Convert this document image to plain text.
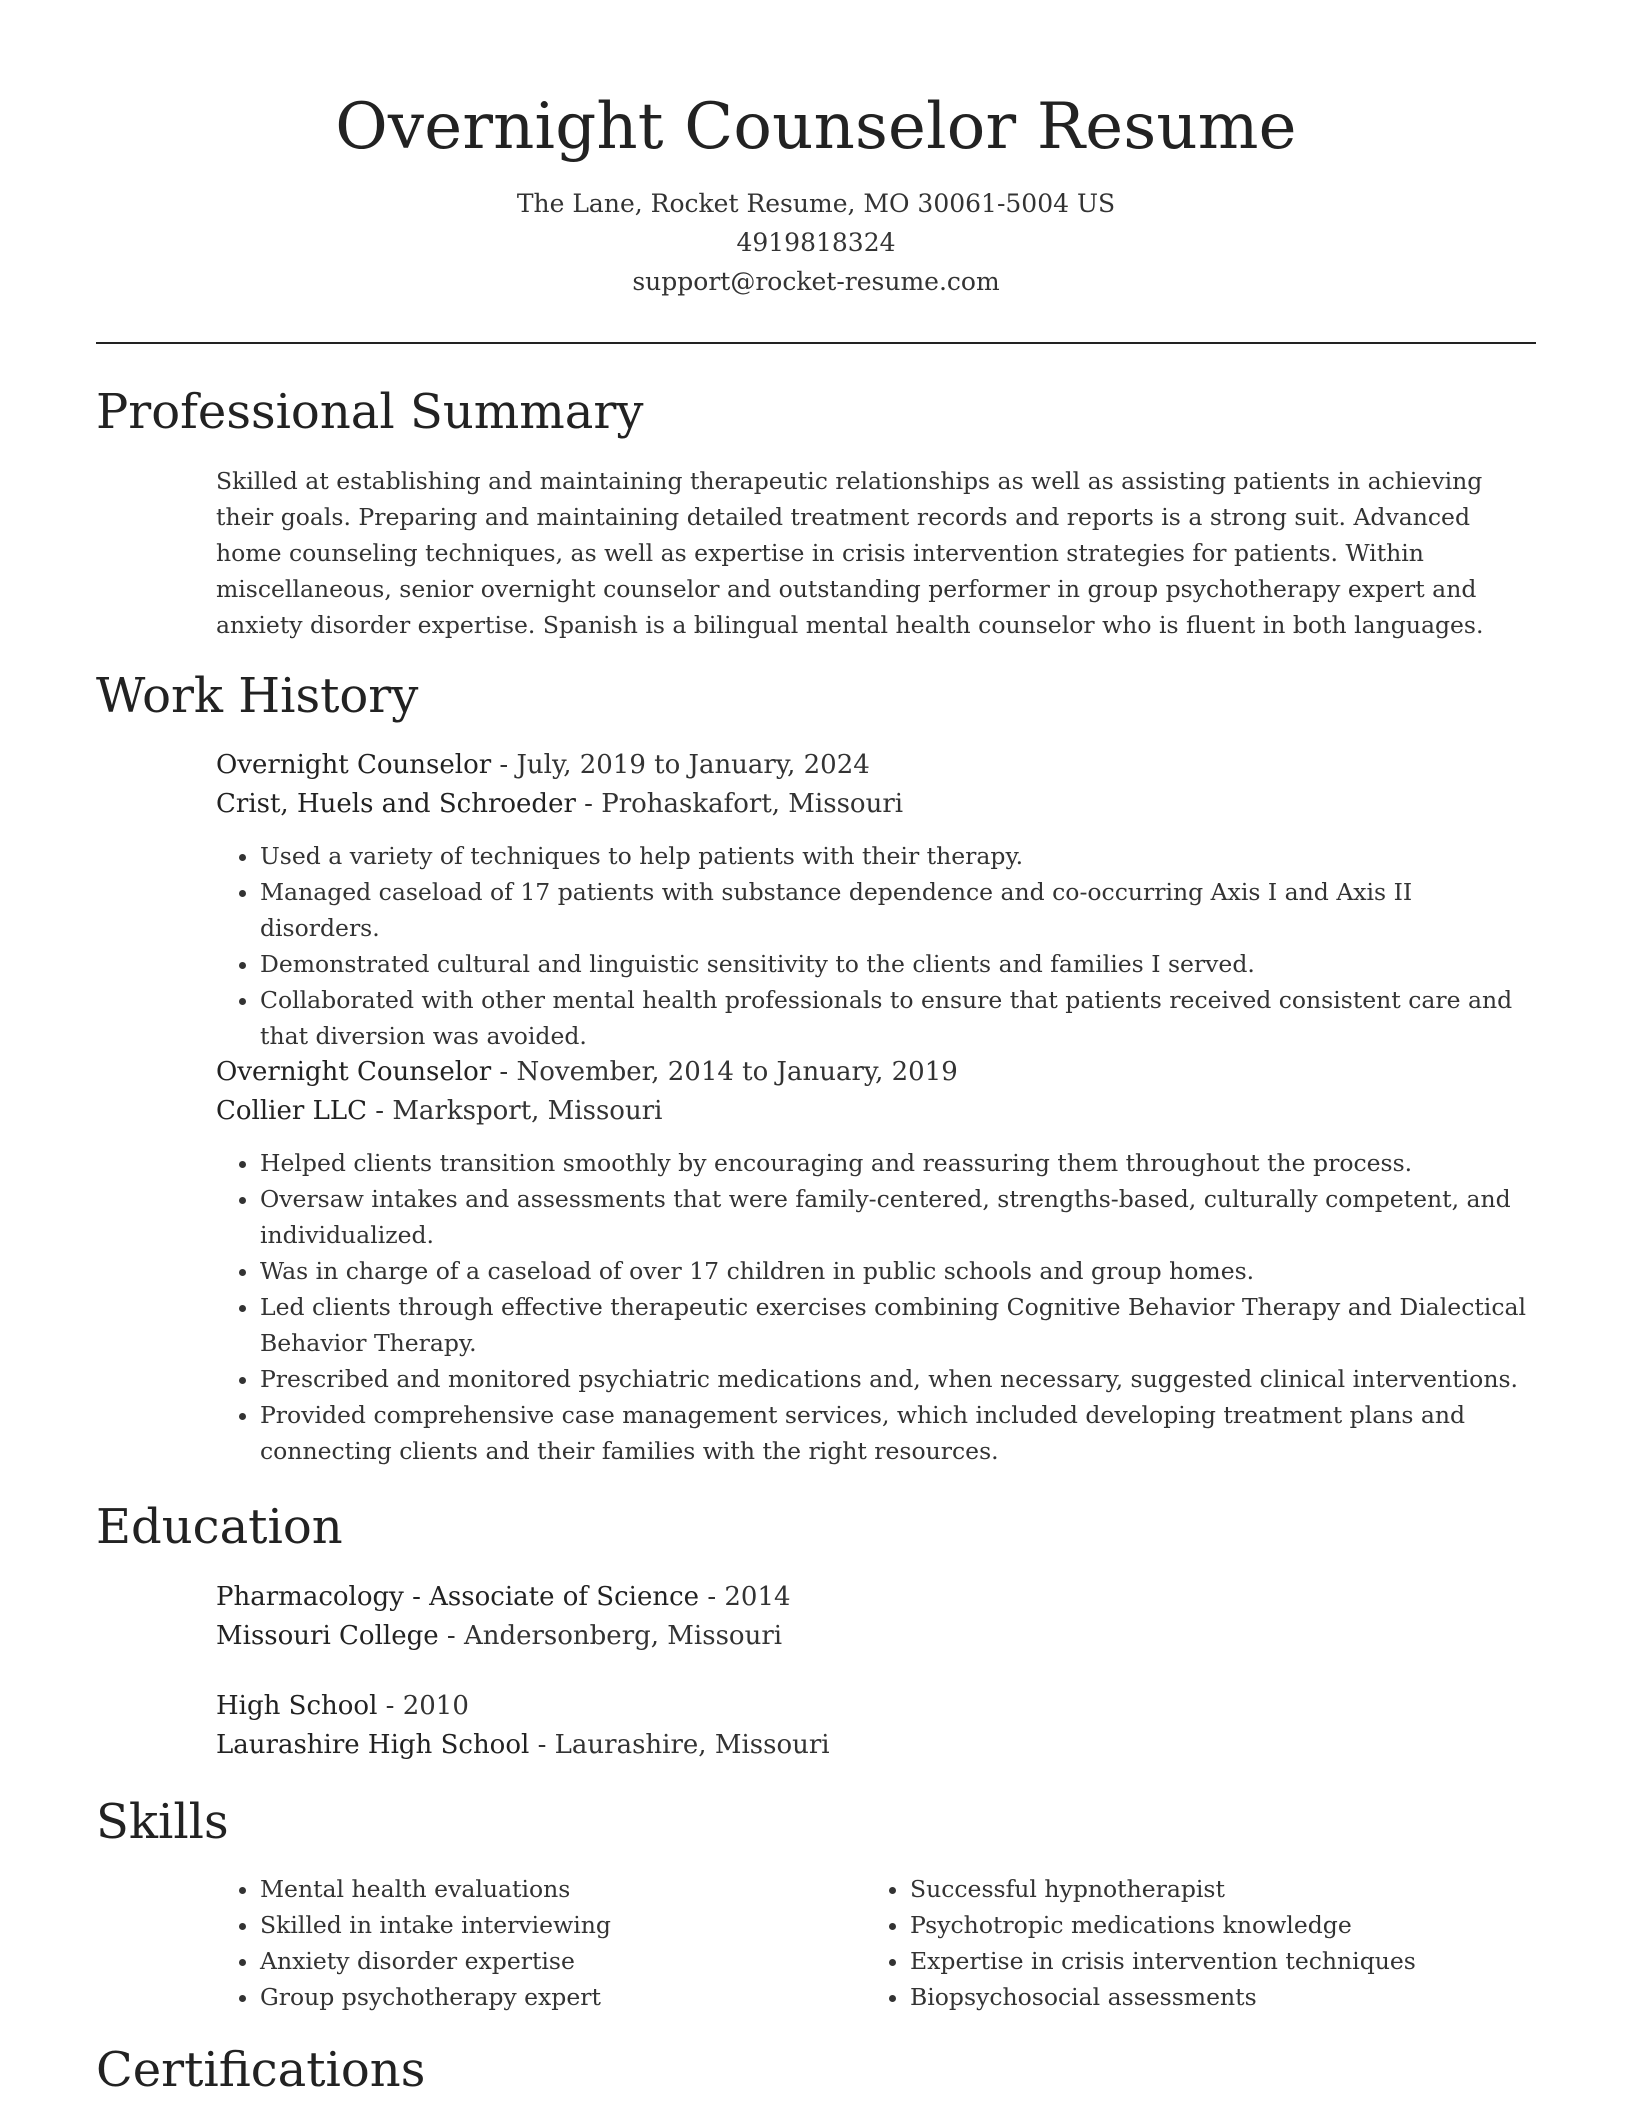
Overnight Counselor Resume
The Lane, Rocket Resume, MO 30061-5004 US
4919818324
support@rocket-resume.com
Professional Summary

Skilled at establishing and maintaining therapeutic relationships as well as assisting patients in achieving their goals. Preparing and maintaining detailed treatment records and reports is a strong suit. Advanced home counseling techniques, as well as expertise in crisis intervention strategies for patients. Within miscellaneous, senior overnight counselor and outstanding performer in group psychotherapy expert and anxiety disorder expertise. Spanish is a bilingual mental health counselor who is fluent in both languages.

Work History
Overnight Counselor - July, 2019 to January, 2024
Crist, Huels and Schroeder - Prohaskafort, Missouri
• Used a variety of techniques to help patients with their therapy.
• Managed caseload of 17 patients with substance dependence and co-occurring Axis I and Axis II disorders.
• Demonstrated cultural and linguistic sensitivity to the clients and families I served.
• Collaborated with other mental health professionals to ensure that patients received consistent care and that diversion was avoided.
Overnight Counselor - November, 2014 to January, 2019
Collier LLC - Marksport, Missouri
• Helped clients transition smoothly by encouraging and reassuring them throughout the process.
• Oversaw intakes and assessments that were family-centered, strengths-based, culturally competent, and individualized.
• Was in charge of a caseload of over 17 children in public schools and group homes.
• Led clients through effective therapeutic exercises combining Cognitive Behavior Therapy and Dialectical Behavior Therapy.
• Prescribed and monitored psychiatric medications and, when necessary, suggested clinical interventions.
• Provided comprehensive case management services, which included developing treatment plans and connecting clients and their families with the right resources.
Education
Pharmacology - Associate of Science - 2014
Missouri College - Andersonberg, Missouri
High School - 2010
Laurashire High School - Laurashire, Missouri
Skills
• Mental health evaluations
• Skilled in intake interviewing
• Anxiety disorder expertise
• Group psychotherapy expert
• Successful hypnotherapist
• Psychotropic medications knowledge
• Expertise in crisis intervention techniques
• Biopsychosocial assessments
Certifications
